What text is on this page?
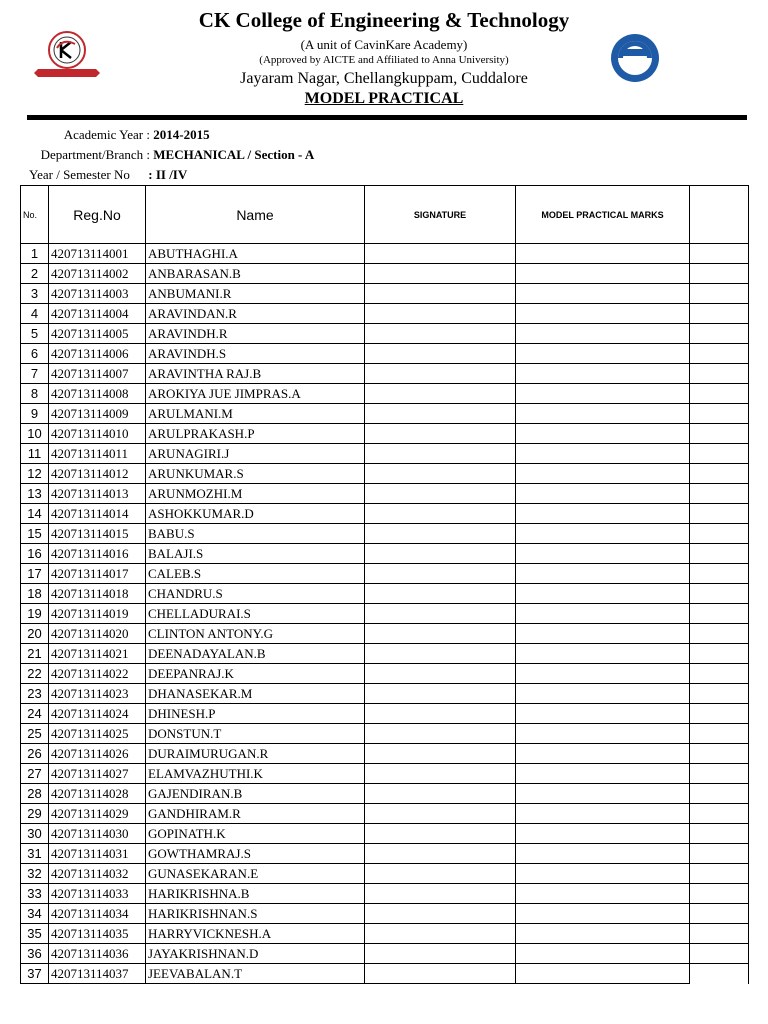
CK College of Engineering & Technology
(A unit of CavinKare Academy)
(Approved by AICTE and Affiliated to Anna University)
Jayaram Nagar, Chellangkuppam, Cuddalore
MODEL PRACTICAL
Academic Year : 2014-2015
Department/Branch : MECHANICAL / Section - A
Year / Semester No : II /IV
No.	Reg.No	Name	SIGNATURE	MODEL PRACTICAL MARKS	
1	420713114001	ABUTHAGHI.A			
2	420713114002	ANBARASAN.B			
3	420713114003	ANBUMANI.R			
4	420713114004	ARAVINDAN.R			
5	420713114005	ARAVINDH.R			
6	420713114006	ARAVINDH.S			
7	420713114007	ARAVINTHA RAJ.B			
8	420713114008	AROKIYA JUE JIMPRAS.A			
9	420713114009	ARULMANI.M			
10	420713114010	ARULPRAKASH.P			
11	420713114011	ARUNAGIRI.J			
12	420713114012	ARUNKUMAR.S			
13	420713114013	ARUNMOZHI.M			
14	420713114014	ASHOKKUMAR.D			
15	420713114015	BABU.S			
16	420713114016	BALAJI.S			
17	420713114017	CALEB.S			
18	420713114018	CHANDRU.S			
19	420713114019	CHELLADURAI.S			
20	420713114020	CLINTON ANTONY.G			
21	420713114021	DEENADAYALAN.B			
22	420713114022	DEEPANRAJ.K			
23	420713114023	DHANASEKAR.M			
24	420713114024	DHINESH.P			
25	420713114025	DONSTUN.T			
26	420713114026	DURAIMURUGAN.R			
27	420713114027	ELAMVAZHUTHI.K			
28	420713114028	GAJENDIRAN.B			
29	420713114029	GANDHIRAM.R			
30	420713114030	GOPINATH.K			
31	420713114031	GOWTHAMRAJ.S			
32	420713114032	GUNASEKARAN.E			
33	420713114033	HARIKRISHNA.B			
34	420713114034	HARIKRISHNAN.S			
35	420713114035	HARRYVICKNESH.A			
36	420713114036	JAYAKRISHNAN.D			
37	420713114037	JEEVABALAN.T			
